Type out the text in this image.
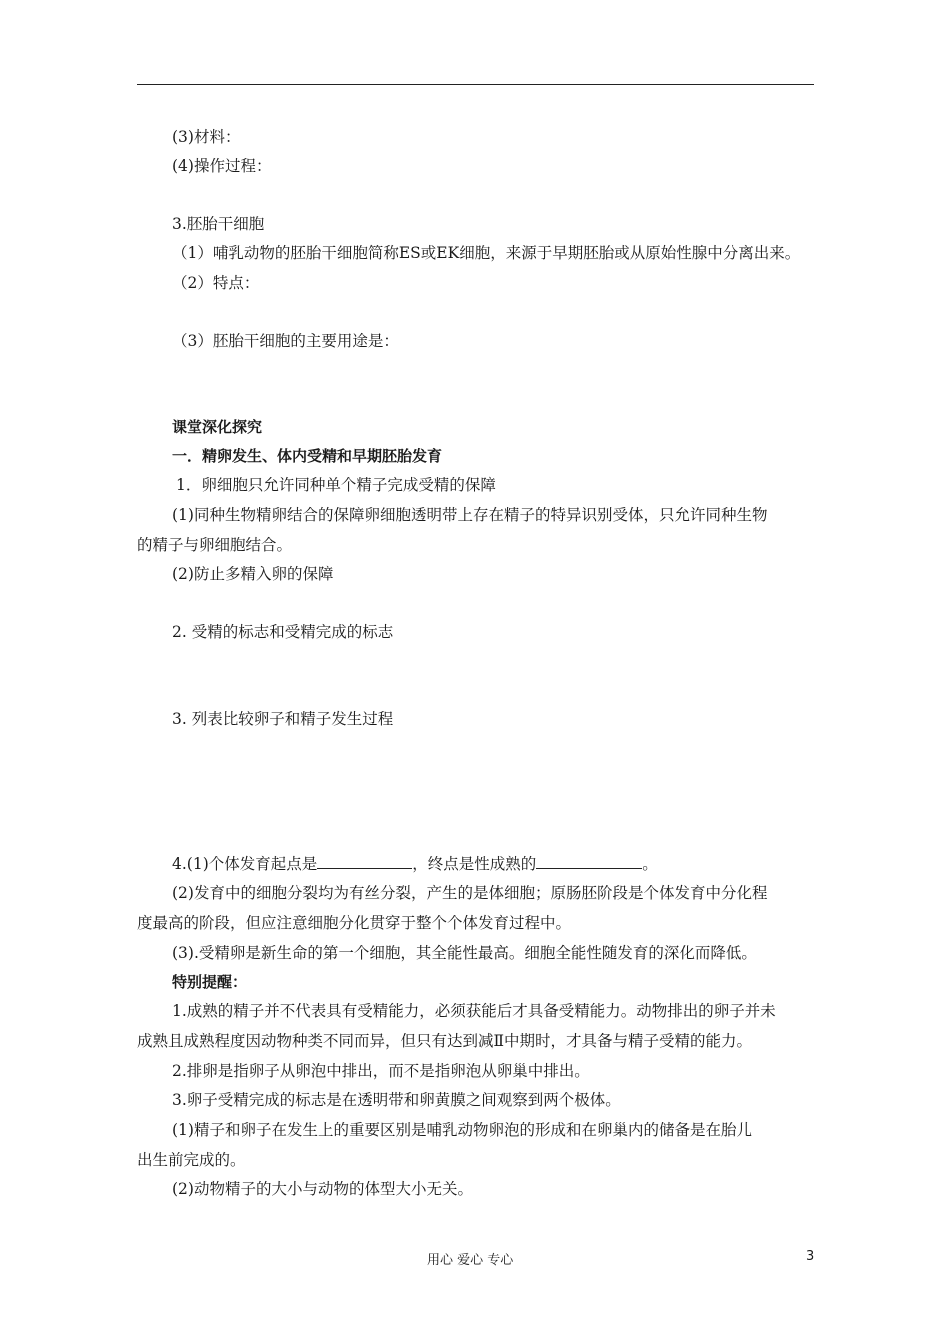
(3)材料：
(4)操作过程：
3.胚胎干细胞
（1）哺乳动物的胚胎干细胞简称ES或EK细胞，来源于早期胚胎或从原始性腺中分离出来。
（2）特点：
（3）胚胎干细胞的主要用途是：
课堂深化探究
一．精卵发生、体内受精和早期胚胎发育
1．卵细胞只允许同种单个精子完成受精的保障
(1)同种生物精卵结合的保障卵细胞透明带上存在精子的特异识别受体，只允许同种生物
的精子与卵细胞结合。
(2)防止多精入卵的保障
2. 受精的标志和受精完成的标志
3. 列表比较卵子和精子发生过程
4.(1)个体发育起点是	，终点是性成熟的	。
(2)发育中的细胞分裂均为有丝分裂，产生的是体细胞；原肠胚阶段是个体发育中分化程
度最高的阶段，但应注意细胞分化贯穿于整个个体发育过程中。
(3).受精卵是新生命的第一个细胞，其全能性最高。细胞全能性随发育的深化而降低。
特别提醒：
1.成熟的精子并不代表具有受精能力，必须获能后才具备受精能力。动物排出的卵子并未
成熟且成熟程度因动物种类不同而异，但只有达到减Ⅱ中期时，才具备与精子受精的能力。
2.排卵是指卵子从卵泡中排出，而不是指卵泡从卵巢中排出。
3.卵子受精完成的标志是在透明带和卵黄膜之间观察到两个极体。
(1)精子和卵子在发生上的重要区别是哺乳动物卵泡的形成和在卵巢内的储备是在胎儿
出生前完成的。
(2)动物精子的大小与动物的体型大小无关。
用心 爱心 专心	3
